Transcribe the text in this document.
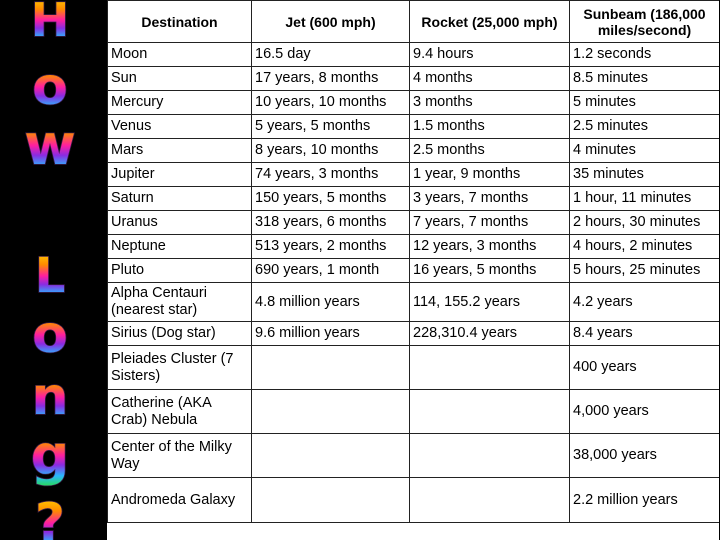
H
o
w
L
o
n
g
?
Destination	Jet (600 mph)	Rocket (25,000 mph)	Sunbeam (186,000 miles/second)
Moon	16.5 day	9.4 hours	1.2 seconds
Sun	17 years, 8 months	4 months	8.5 minutes
Mercury	10 years, 10 months	3 months	5 minutes
Venus	5 years, 5 months	1.5 months	2.5 minutes
Mars	8 years, 10 months	2.5 months	4 minutes
Jupiter	74 years, 3 months	1 year, 9 months	35 minutes
Saturn	150 years, 5 months	3 years, 7 months	1 hour, 11 minutes
Uranus	318 years, 6 months	7 years, 7 months	2 hours, 30 minutes
Neptune	513 years, 2 months	12 years, 3 months	4 hours, 2 minutes
Pluto	690 years, 1 month	16 years, 5 months	5 hours, 25 minutes
Alpha Centauri (nearest star)	4.8 million years	114, 155.2 years	4.2 years
Sirius (Dog star)	9.6 million years	228,310.4 years	8.4 years
Pleiades Cluster (7 Sisters)			400 years
Catherine (AKA Crab) Nebula			4,000 years
Center of the Milky Way			38,000 years
Andromeda Galaxy			2.2 million years
